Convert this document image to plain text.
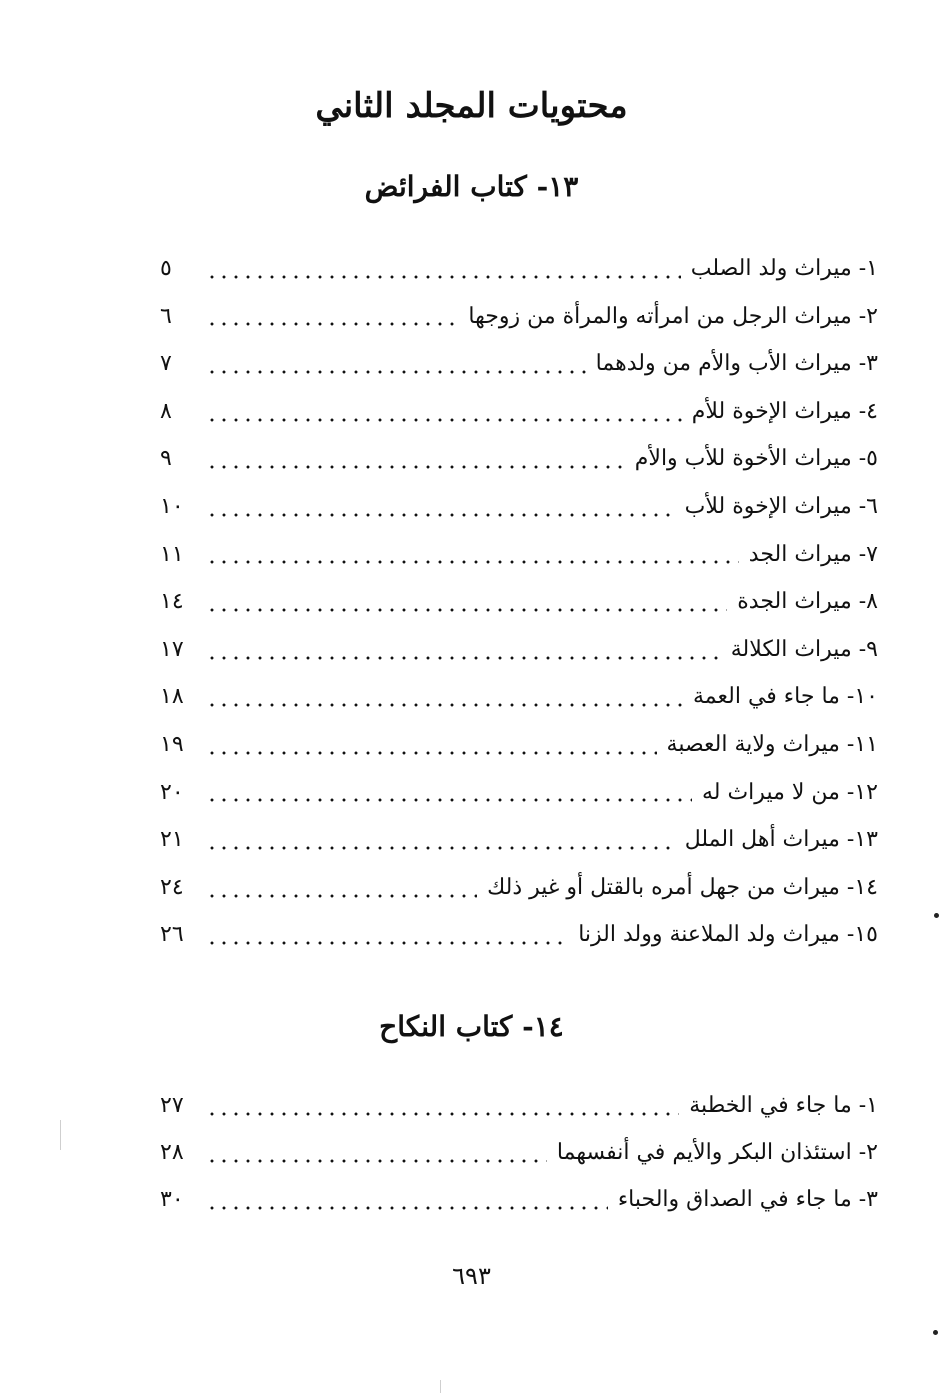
محتويات المجلد الثاني
١٣- كتاب الفرائض
١- ميراث ولد الصلب
٥
٢- ميراث الرجل من امرأته والمرأة من زوجها
٦
٣- ميراث الأب والأم من ولدهما
٧
٤- ميراث الإخوة للأم
٨
٥- ميراث الأخوة للأب والأم
٩
٦- ميراث الإخوة للأب
١٠
٧- ميراث الجد
١١
٨- ميراث الجدة
١٤
٩- ميراث الكلالة
١٧
١٠- ما جاء في العمة
١٨
١١- ميراث ولاية العصبة
١٩
١٢- من لا ميراث له
٢٠
١٣- ميراث أهل الملل
٢١
١٤- ميراث من جهل أمره بالقتل أو غير ذلك
٢٤
١٥- ميراث ولد الملاعنة وولد الزنا
٢٦
١٤- كتاب النكاح
١- ما جاء في الخطبة
٢٧
٢- استئذان البكر والأيم في أنفسهما
٢٨
٣- ما جاء في الصداق والحباء
٣٠
٦٩٣
